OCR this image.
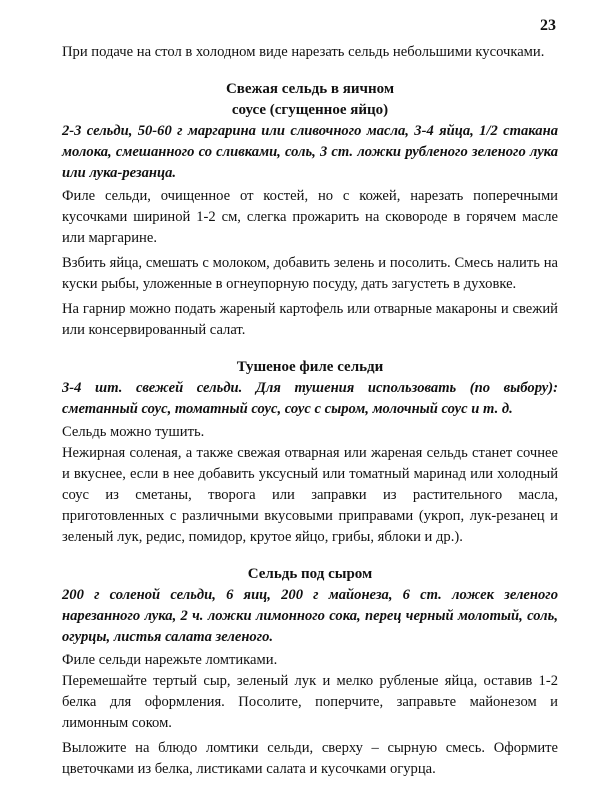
23

При подаче на стол в холодном виде нарезать сельдь небольшими кусочками.

Свежая сельдь в яичном
соусе (сгущенное яйцо)

2-3 сельди, 50-60 г маргарина или сливочного масла, 3-4 яйца, 1/2 стакана молока, смешанного со сливками, соль, 3 ст. ложки рубленого зеленого лука или лука-резанца.

Филе сельди, очищенное от костей, но с кожей, нарезать поперечными кусочками шириной 1-2 см, слегка прожарить на сковороде в горячем масле или маргарине.

Взбить яйца, смешать с молоком, добавить зелень и посолить. Смесь налить на куски рыбы, уложенные в огнеупорную посуду, дать загустеть в духовке.

На гарнир можно подать жареный картофель или отварные макароны и свежий или консервированный салат.

Тушеное филе сельди

3-4 шт. свежей сельди. Для тушения использовать (по выбору): сметанный соус, томатный соус, соус с сыром, молочный соус и т. д.

Сельдь можно тушить.

Нежирная соленая, а также свежая отварная или жареная сельдь станет сочнее и вкуснее, если в нее добавить уксусный или томатный маринад или холодный соус из сметаны, творога или заправки из растительного масла, приготовленных с различными вкусовыми приправами (укроп, лук-резанец и зеленый лук, редис, помидор, крутое яйцо, грибы, яблоки и др.).

Сельдь под сыром

200 г соленой сельди, 6 яиц, 200 г майонеза, 6 ст. ложек зеленого нарезанного лука, 2 ч. ложки лимонного сока, перец черный молотый, соль, огурцы, листья салата зеленого.

Филе сельди нарежьте ломтиками.

Перемешайте тертый сыр, зеленый лук и мелко рубленые яйца, оставив 1-2 белка для оформления. Посолите, поперчите, заправьте майонезом и лимонным соком.

Выложите на блюдо ломтики сельди, сверху – сырную смесь. Оформите цветочками из белка, листиками салата и кусочками огурца.
